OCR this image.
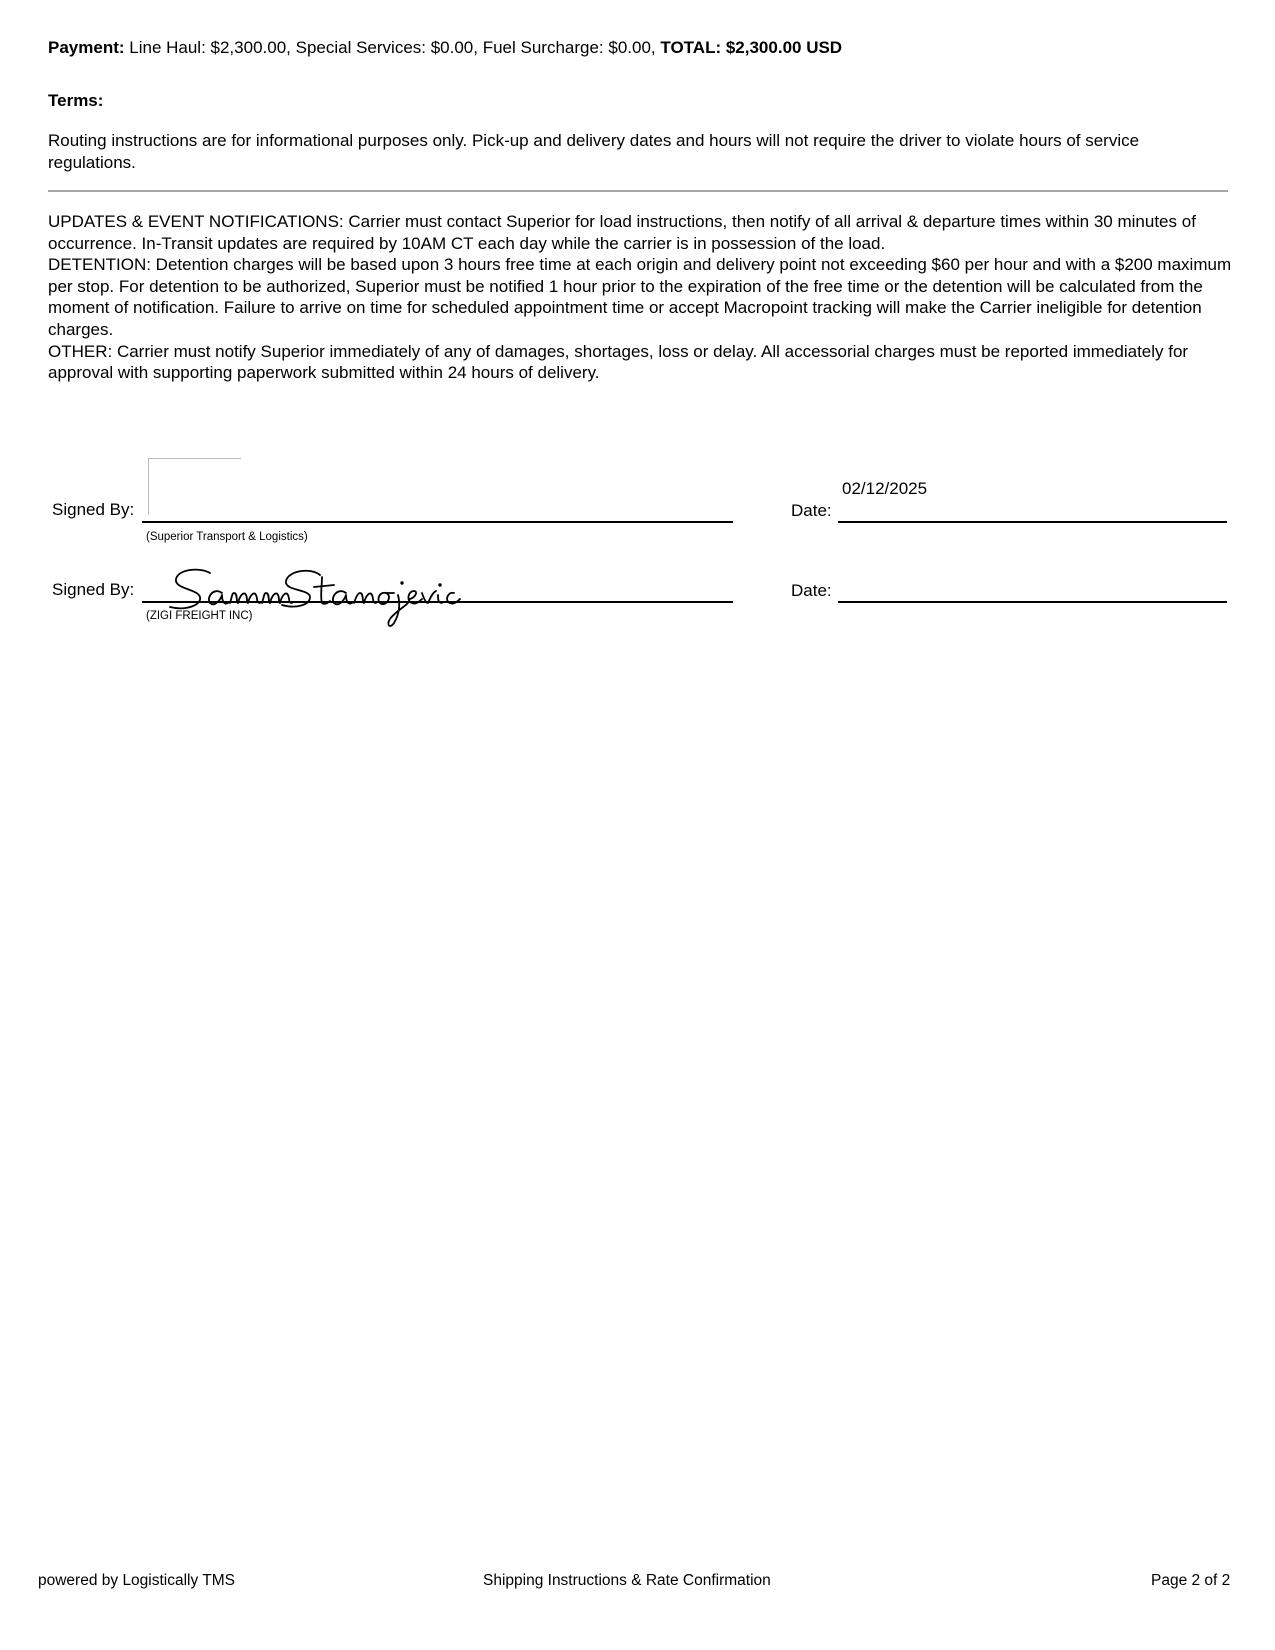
Payment: Line Haul: $2,300.00, Special Services: $0.00, Fuel Surcharge: $0.00, TOTAL: $2,300.00 USD
Terms:
Routing instructions are for informational purposes only. Pick-up and delivery dates and hours will not require the driver to violate hours of service regulations.

UPDATES & EVENT NOTIFICATIONS: Carrier must contact Superior for load instructions, then notify of all arrival & departure times within 30 minutes of occurrence. In-Transit updates are required by 10AM CT each day while the carrier is in possession of the load.

DETENTION: Detention charges will be based upon 3 hours free time at each origin and delivery point not exceeding $60 per hour and with a $200 maximum per stop. For detention to be authorized, Superior must be notified 1 hour prior to the expiration of the free time or the detention will be calculated from the moment of notification. Failure to arrive on time for scheduled appointment time or accept Macropoint tracking will make the Carrier ineligible for detention charges.

OTHER: Carrier must notify Superior immediately of any of damages, shortages, loss or delay. All accessorial charges must be reported immediately for approval with supporting paperwork submitted within 24 hours of delivery.

Signed By:
(Superior Transport & Logistics)
02/12/2025
Date:
Signed By:
(ZIGI FREIGHT INC)
Date:
powered by Logistically TMS	Shipping Instructions & Rate Confirmation	Page 2 of 2
